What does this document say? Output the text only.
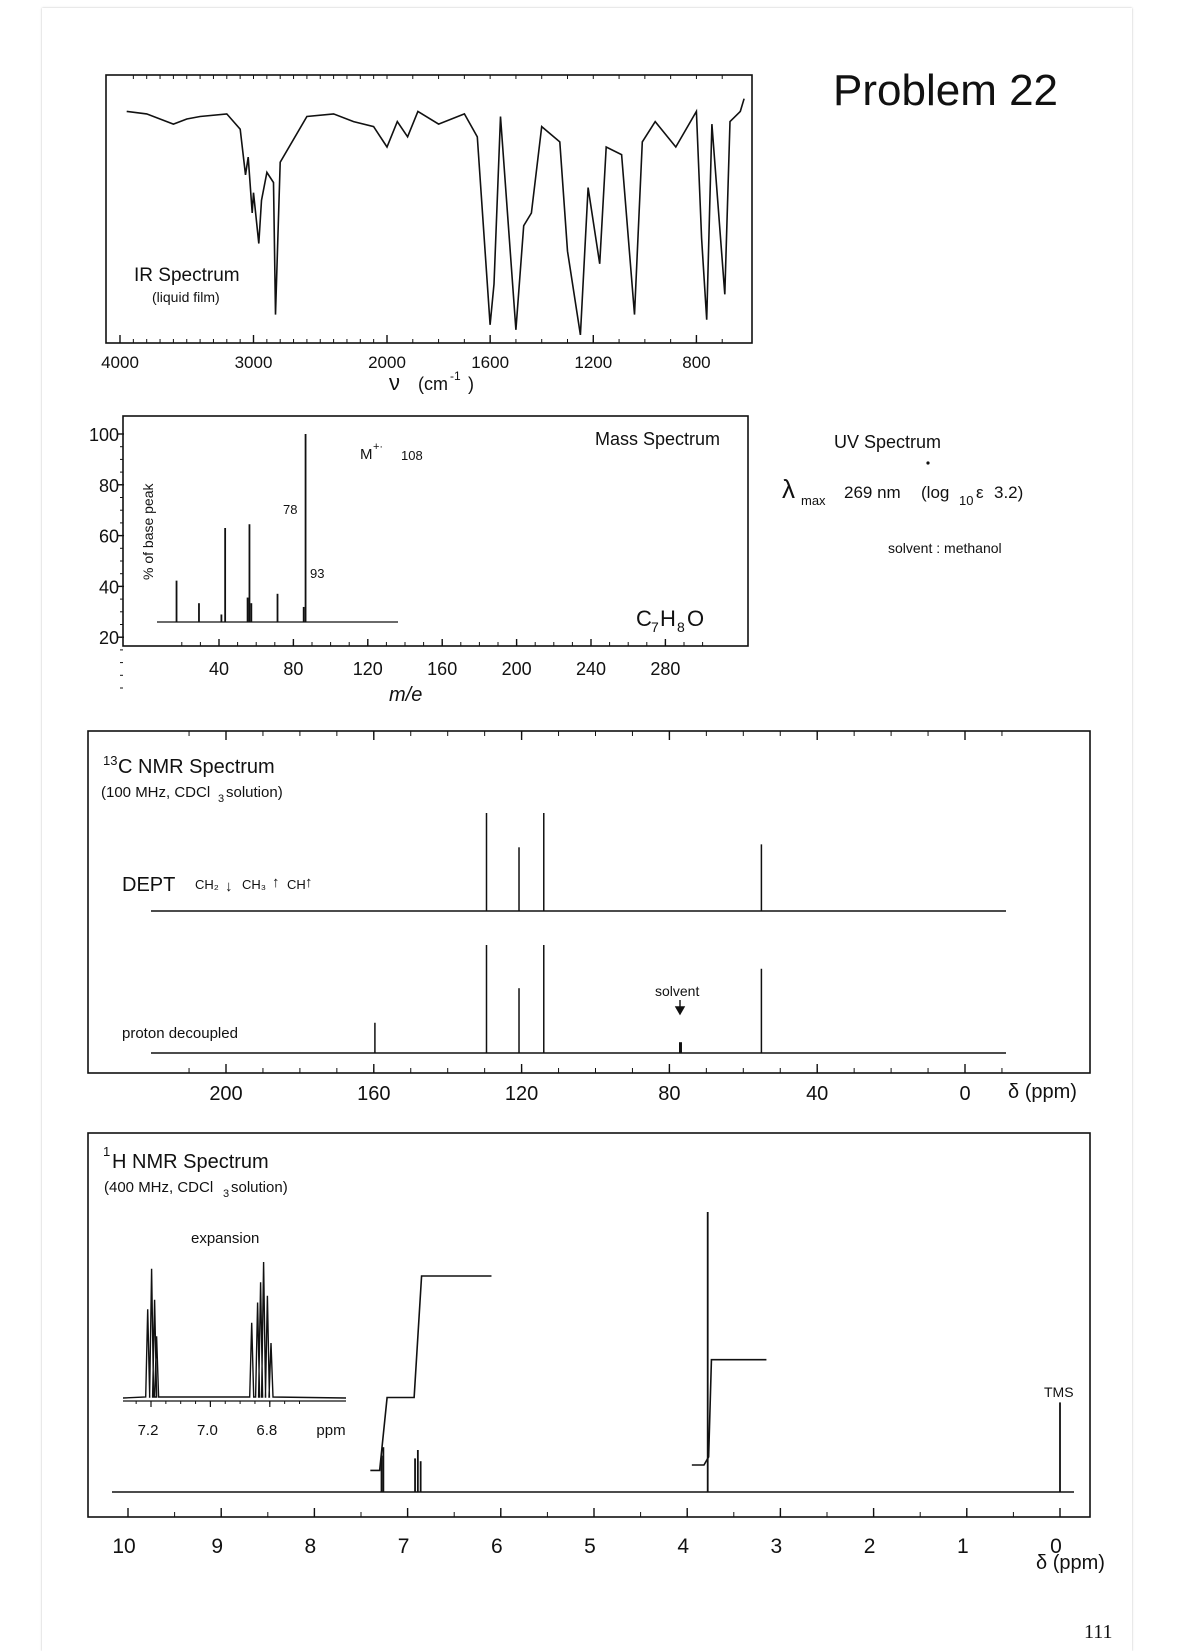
Problem 22
IR Spectrum
(liquid film)
4000	3000	2000	1600	1200	800
ν (cm -1 )
Mass Spectrum
% of base peak
100
80
60
40
20
40	80	120 160 200 240 280
m/e
M +·
108
78
93
C 7 H 8 O
UV Spectrum
λ max 269 nm (log 10 ε 3.2)
solvent : methanol
13 C NMR Spectrum
(100 MHz, CDCl 3 solution)
200	160	120	80	40	0 δ (ppm)
DEPT CH₂ ↓ CH₃ ↑ CH ↑
proton decoupled
solvent
1 H NMR Spectrum
(400 MHz, CDCl 3 solution)
10	9	8	7	6	5	4	3	2	1	0
δ (ppm)
TMS
expansion
7.2	7.0	6.8	ppm
111
